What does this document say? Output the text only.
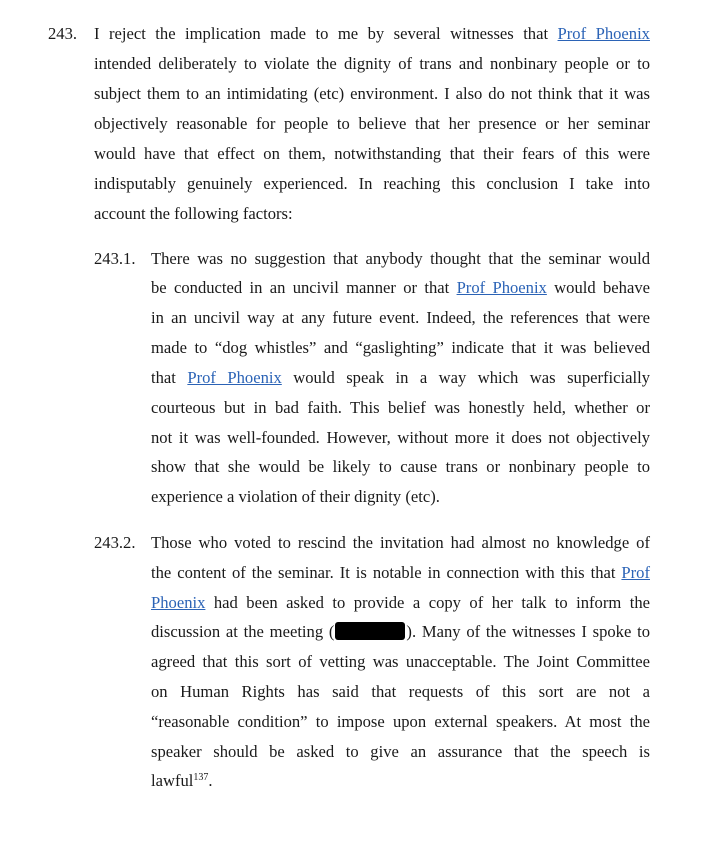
243. I reject the implication made to me by several witnesses that Prof Phoenix
intended deliberately to violate the dignity of trans and nonbinary people or to
subject them to an intimidating (etc) environment. I also do not think that it was
objectively reasonable for people to believe that her presence or her seminar
would have that effect on them, notwithstanding that their fears of this were
indisputably genuinely experienced. In reaching this conclusion I take into
account the following factors:
243.1. There was no suggestion that anybody thought that the seminar would
be conducted in an uncivil manner or that Prof Phoenix would behave
in an uncivil way at any future event. Indeed, the references that were
made to “dog whistles” and “gaslighting” indicate that it was believed
that Prof Phoenix would speak in a way which was superficially
courteous but in bad faith. This belief was honestly held, whether or
not it was well-founded. However, without more it does not objectively
show that she would be likely to cause trans or nonbinary people to
experience a violation of their dignity (etc).
243.2. Those who voted to rescind the invitation had almost no knowledge of
the content of the seminar. It is notable in connection with this that Prof
Phoenix had been asked to provide a copy of her talk to inform the
discussion at the meeting (	). Many of the witnesses I spoke to
agreed that this sort of vetting was unacceptable. The Joint Committee
on Human Rights has said that requests of this sort are not a
“reasonable condition” to impose upon external speakers. At most the
speaker should be asked to give an assurance that the speech is
lawful$^{137}$.
